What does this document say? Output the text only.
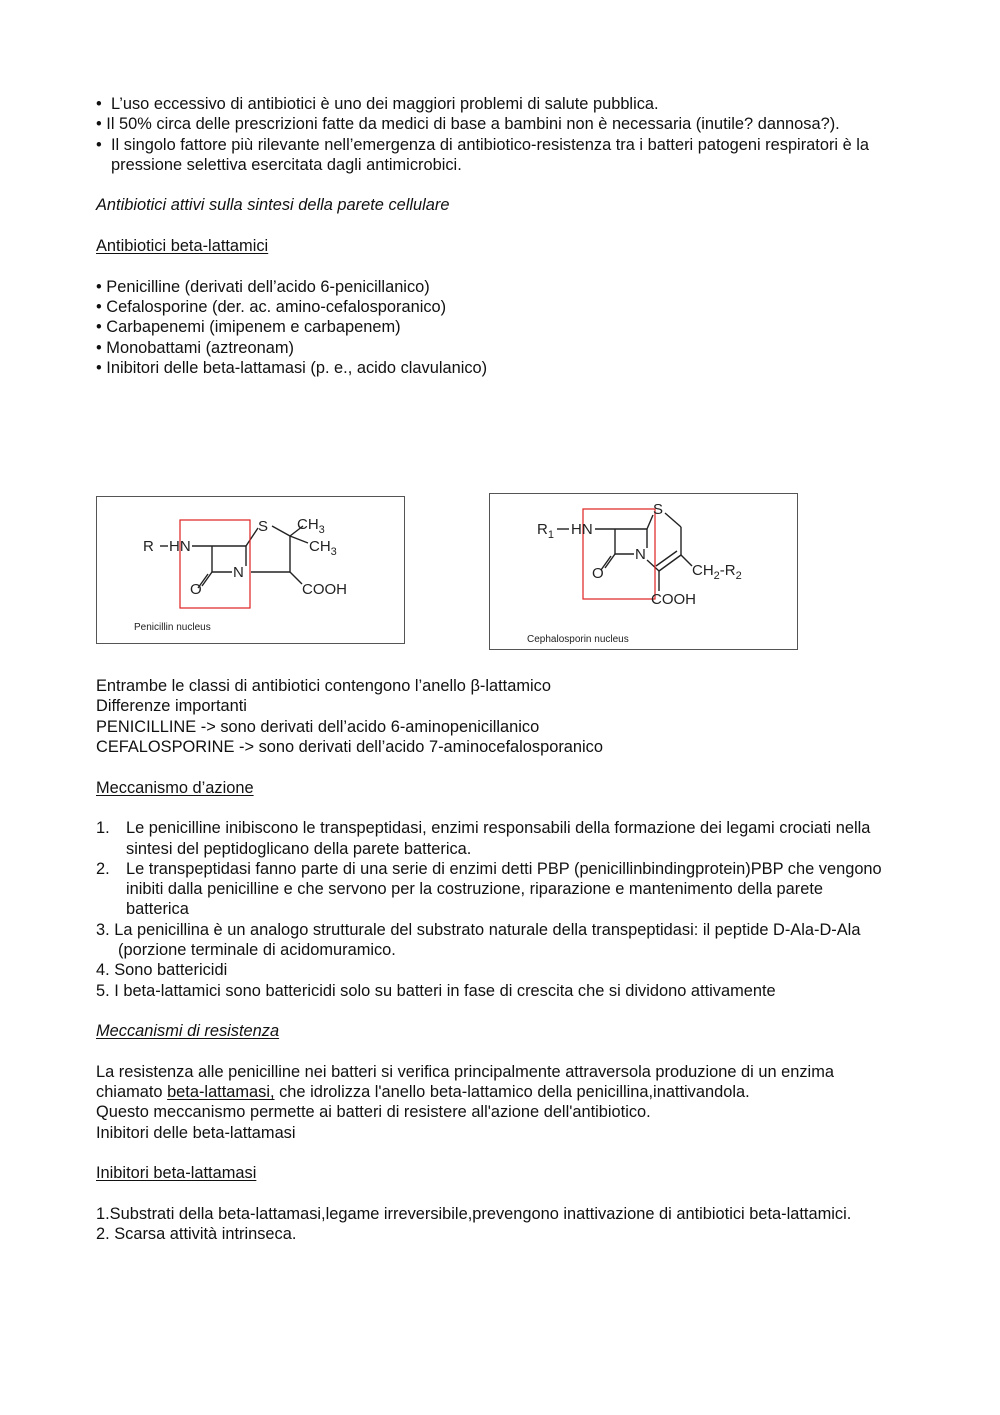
• L’uso eccessivo di antibiotici è uno dei maggiori problemi di salute pubblica.
• Il 50% circa delle prescrizioni fatte da medici di base a bambini non è necessaria (inutile? dannosa?).
• Il singolo fattore più rilevante nell’emergenza di antibiotico-resistenza tra i batteri patogeni respiratori è la pressione selettiva esercitata dagli antimicrobici.
Antibiotici attivi sulla sintesi della parete cellulare
Antibiotici beta-lattamici
• Penicilline (derivati dell’acido 6-penicillanico)
• Cefalosporine (der. ac. amino-cefalosporanico)
• Carbapenemi (imipenem e carbapenem)
• Monobattami (aztreonam)
• Inibitori delle beta-lattamasi (p. e., acido clavulanico)
R HN
S $CH_3$
$CH_3$
N
O	COOH
Penicillin nucleus
$R_1$ HN
S
N
O	$CH_2-R_2$
COOH
Cephalosporin nucleus
Entrambe le classi di antibiotici contengono l’anello β-lattamico
Differenze importanti
PENICILLINE -> sono derivati dell’acido 6-aminopenicillanico
CEFALOSPORINE -> sono derivati dell’acido 7-aminocefalosporanico
Meccanismo d’azione
1. Le penicilline inibiscono le transpeptidasi, enzimi responsabili della formazione dei legami crociati nella sintesi del peptidoglicano della parete batterica.
2. Le transpeptidasi fanno parte di una serie di enzimi detti PBP (penicillinbindingprotein)PBP che vengono inibiti dalla penicilline e che servono per la costruzione, riparazione e mantenimento della parete batterica
3. La penicillina è un analogo strutturale del substrato naturale della transpeptidasi: il peptide D-Ala-D-Ala (porzione terminale di acidomuramico.
4. Sono battericidi
5. I beta-lattamici sono battericidi solo su batteri in fase di crescita che si dividono attivamente
Meccanismi di resistenza
La resistenza alle penicilline nei batteri si verifica principalmente attraversola produzione di un enzima chiamato beta-lattamasi, che idrolizza l'anello beta-lattamico della penicillina,inattivandola.
Questo meccanismo permette ai batteri di resistere all'azione dell'antibiotico.
Inibitori delle beta-lattamasi
Inibitori beta-lattamasi
1.Substrati della beta-lattamasi,legame irreversibile,prevengono inattivazione di antibiotici beta-lattamici.
2. Scarsa attività intrinseca.
